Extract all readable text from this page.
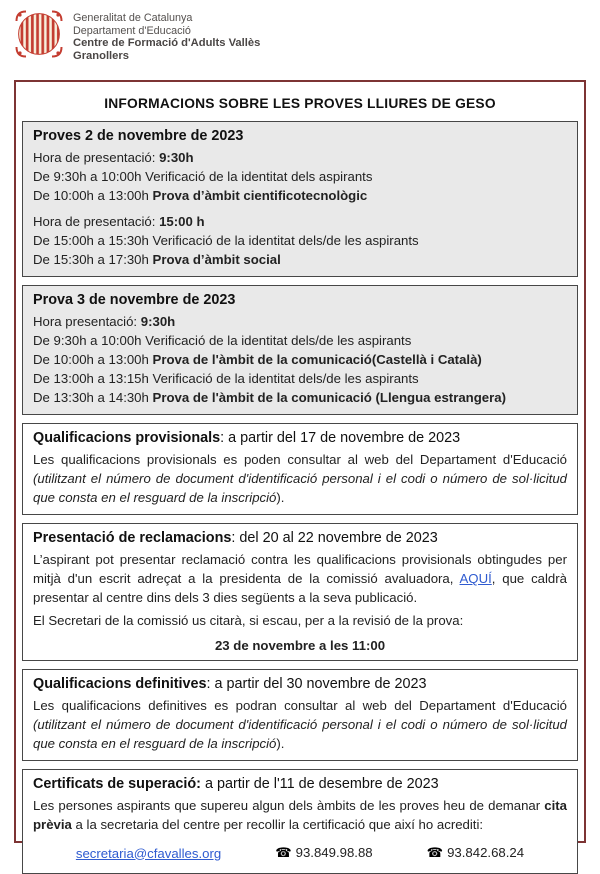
Generalitat de Catalunya
Departament d'Educació
Centre de Formació d'Adults Vallès
Granollers
INFORMACIONS SOBRE LES PROVES LLIURES DE GESO
Proves 2 de novembre de 2023
Hora de presentació: 9:30h
De 9:30h a 10:00h Verificació de la identitat dels aspirants
De 10:00h a 13:00h Prova d’àmbit cientificotecnològic
Hora de presentació: 15:00 h
De 15:00h a 15:30h Verificació de la identitat dels/de les aspirants
De 15:30h a 17:30h Prova d’àmbit social
Prova 3 de novembre de 2023
Hora presentació: 9:30h
De 9:30h a 10:00h Verificació de la identitat dels/de les aspirants
De 10:00h a 13:00h Prova de l'àmbit de la comunicació(Castellà i Català)
De 13:00h a 13:15h Verificació de la identitat dels/de les aspirants
De 13:30h a 14:30h Prova de l'àmbit de la comunicació (Llengua estrangera)
Qualificacions provisionals: a partir del 17 de novembre de 2023
Les qualificacions provisionals es poden consultar al web del Departament d'Educació (utilitzant el número de document d'identificació personal i el codi o número de sol·licitud que consta en el resguard de la inscripció).
Presentació de reclamacions: del 20 al 22 novembre de 2023
L’aspirant pot presentar reclamació contra les qualificacions provisionals obtingudes per mitjà d'un escrit adreçat a la presidenta de la comissió avaluadora, AQUÍ, que caldrà presentar al centre dins dels 3 dies següents a la seva publicació.
El Secretari de la comissió us citarà, si escau, per a la revisió de la prova:
23 de novembre a les 11:00
Qualificacions definitives: a partir del 30 novembre de 2023
Les qualificacions definitives es podran consultar al web del Departament d'Educació (utilitzant el número de document d'identificació personal i el codi o número de sol·licitud que consta en el resguard de la inscripció).
Certificats de superació: a partir de l'11 de desembre de 2023
Les persones aspirants que supereu algun dels àmbits de les proves heu de demanar cita prèvia a la secretaria del centre per recollir la certificació que així ho acrediti:
secretaria@cfavalles.org	☎ 93.849.98.88	☎ 93.842.68.24
